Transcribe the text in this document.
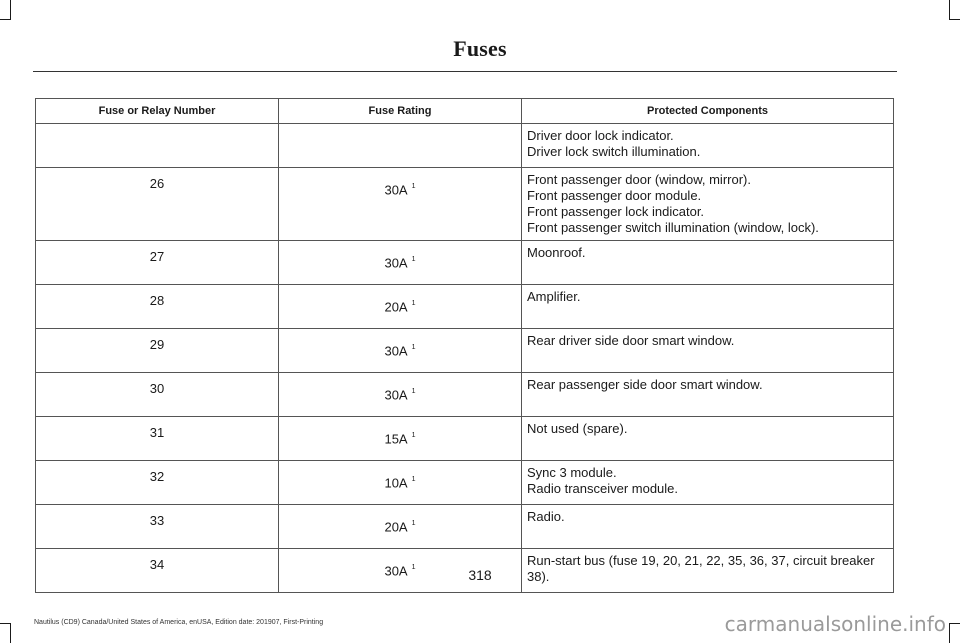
Fuses
Fuse or Relay Number	Fuse Rating	Protected Components

		Driver door lock indicator.
Driver lock switch illumination.

26	30A $^1$	Front passenger door (window, mirror).
Front passenger door module.
Front passenger lock indicator.
Front passenger switch illumination (window, lock).

27	30A $^1$	Moonroof.

28	20A $^1$	Amplifier.

29	30A $^1$	Rear driver side door smart window.

30	30A $^1$	Rear passenger side door smart window.

31	15A $^1$	Not used (spare).

32	10A $^1$	Sync 3 module.
Radio transceiver module.

33	20A $^1$	Radio.

34	30A $^1$	Run-start bus (fuse 19, 20, 21, 22, 35, 36, 37, circuit breaker 38).
318
Nautilus (CD9) Canada/United States of America, enUSA, Edition date: 201907, First-Printing	carmanualsonline.info
